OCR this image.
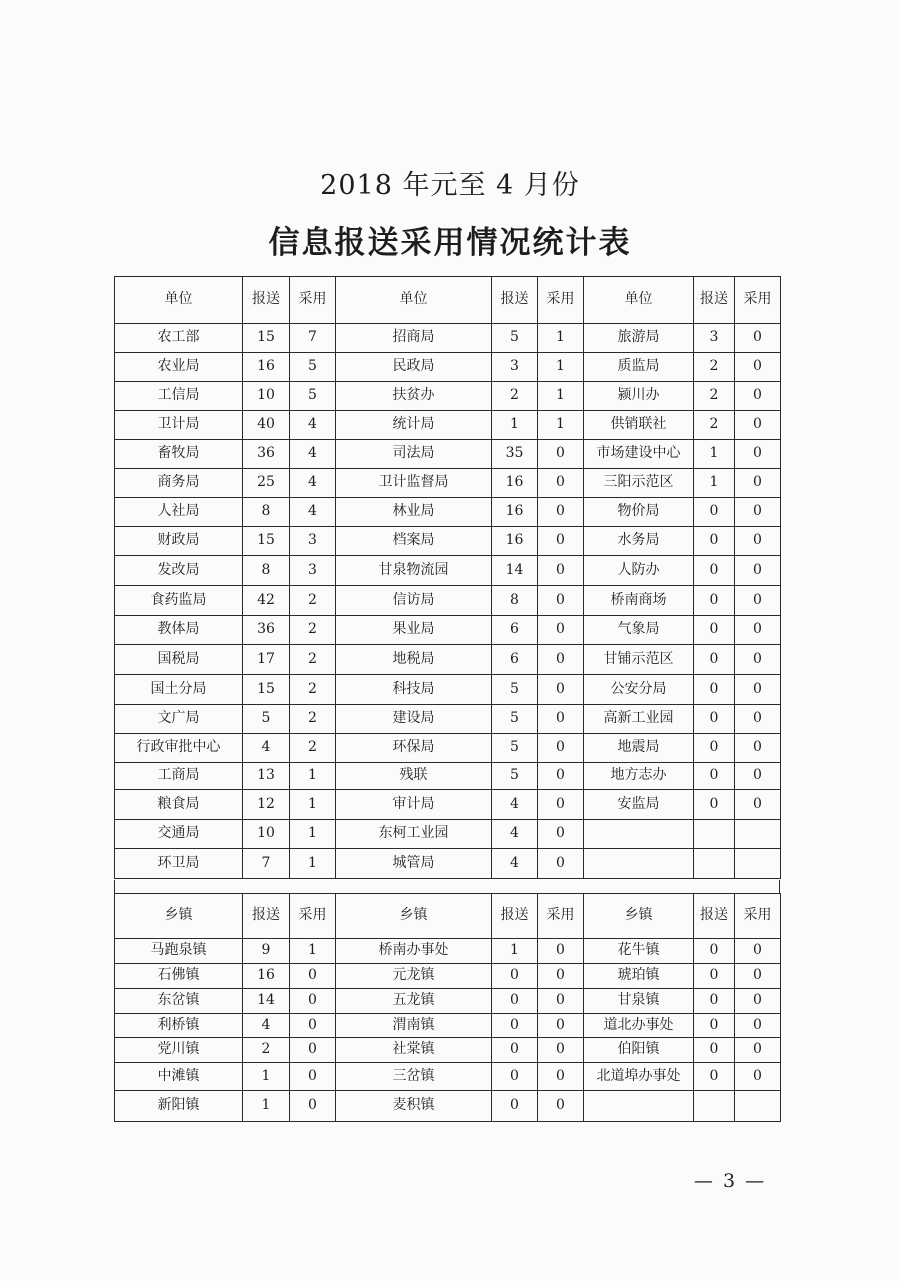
2018 年元至 4 月份
信息报送采用情况统计表
单位	报送	采用	单位	报送	采用	单位	报送	采用
农工部	15	7	招商局	5	1	旅游局	3	0
农业局	16	5	民政局	3	1	质监局	2	0
工信局	10	5	扶贫办	2	1	颍川办	2	0
卫计局	40	4	统计局	1	1	供销联社	2	0
畜牧局	36	4	司法局	35	0	市场建设中心	1	0
商务局	25	4	卫计监督局	16	0	三阳示范区	1	0
人社局	8	4	林业局	16	0	物价局	0	0
财政局	15	3	档案局	16	0	水务局	0	0
发改局	8	3	甘泉物流园	14	0	人防办	0	0
食药监局	42	2	信访局	8	0	桥南商场	0	0
教体局	36	2	果业局	6	0	气象局	0	0
国税局	17	2	地税局	6	0	甘铺示范区	0	0
国土分局	15	2	科技局	5	0	公安分局	0	0
文广局	5	2	建设局	5	0	高新工业园	0	0
行政审批中心	4	2	环保局	5	0	地震局	0	0
工商局	13	1	残联	5	0	地方志办	0	0
粮食局	12	1	审计局	4	0	安监局	0	0
交通局	10	1	东柯工业园	4	0			
环卫局	7	1	城管局	4	0			
乡镇	报送	采用	乡镇	报送	采用	乡镇	报送	采用
马跑泉镇	9	1	桥南办事处	1	0	花牛镇	0	0
石佛镇	16	0	元龙镇	0	0	琥珀镇	0	0
东岔镇	14	0	五龙镇	0	0	甘泉镇	0	0
利桥镇	4	0	渭南镇	0	0	道北办事处	0	0
党川镇	2	0	社棠镇	0	0	伯阳镇	0	0
中滩镇	1	0	三岔镇	0	0	北道埠办事处	0	0
新阳镇	1	0	麦积镇	0	0			
— 3 —
